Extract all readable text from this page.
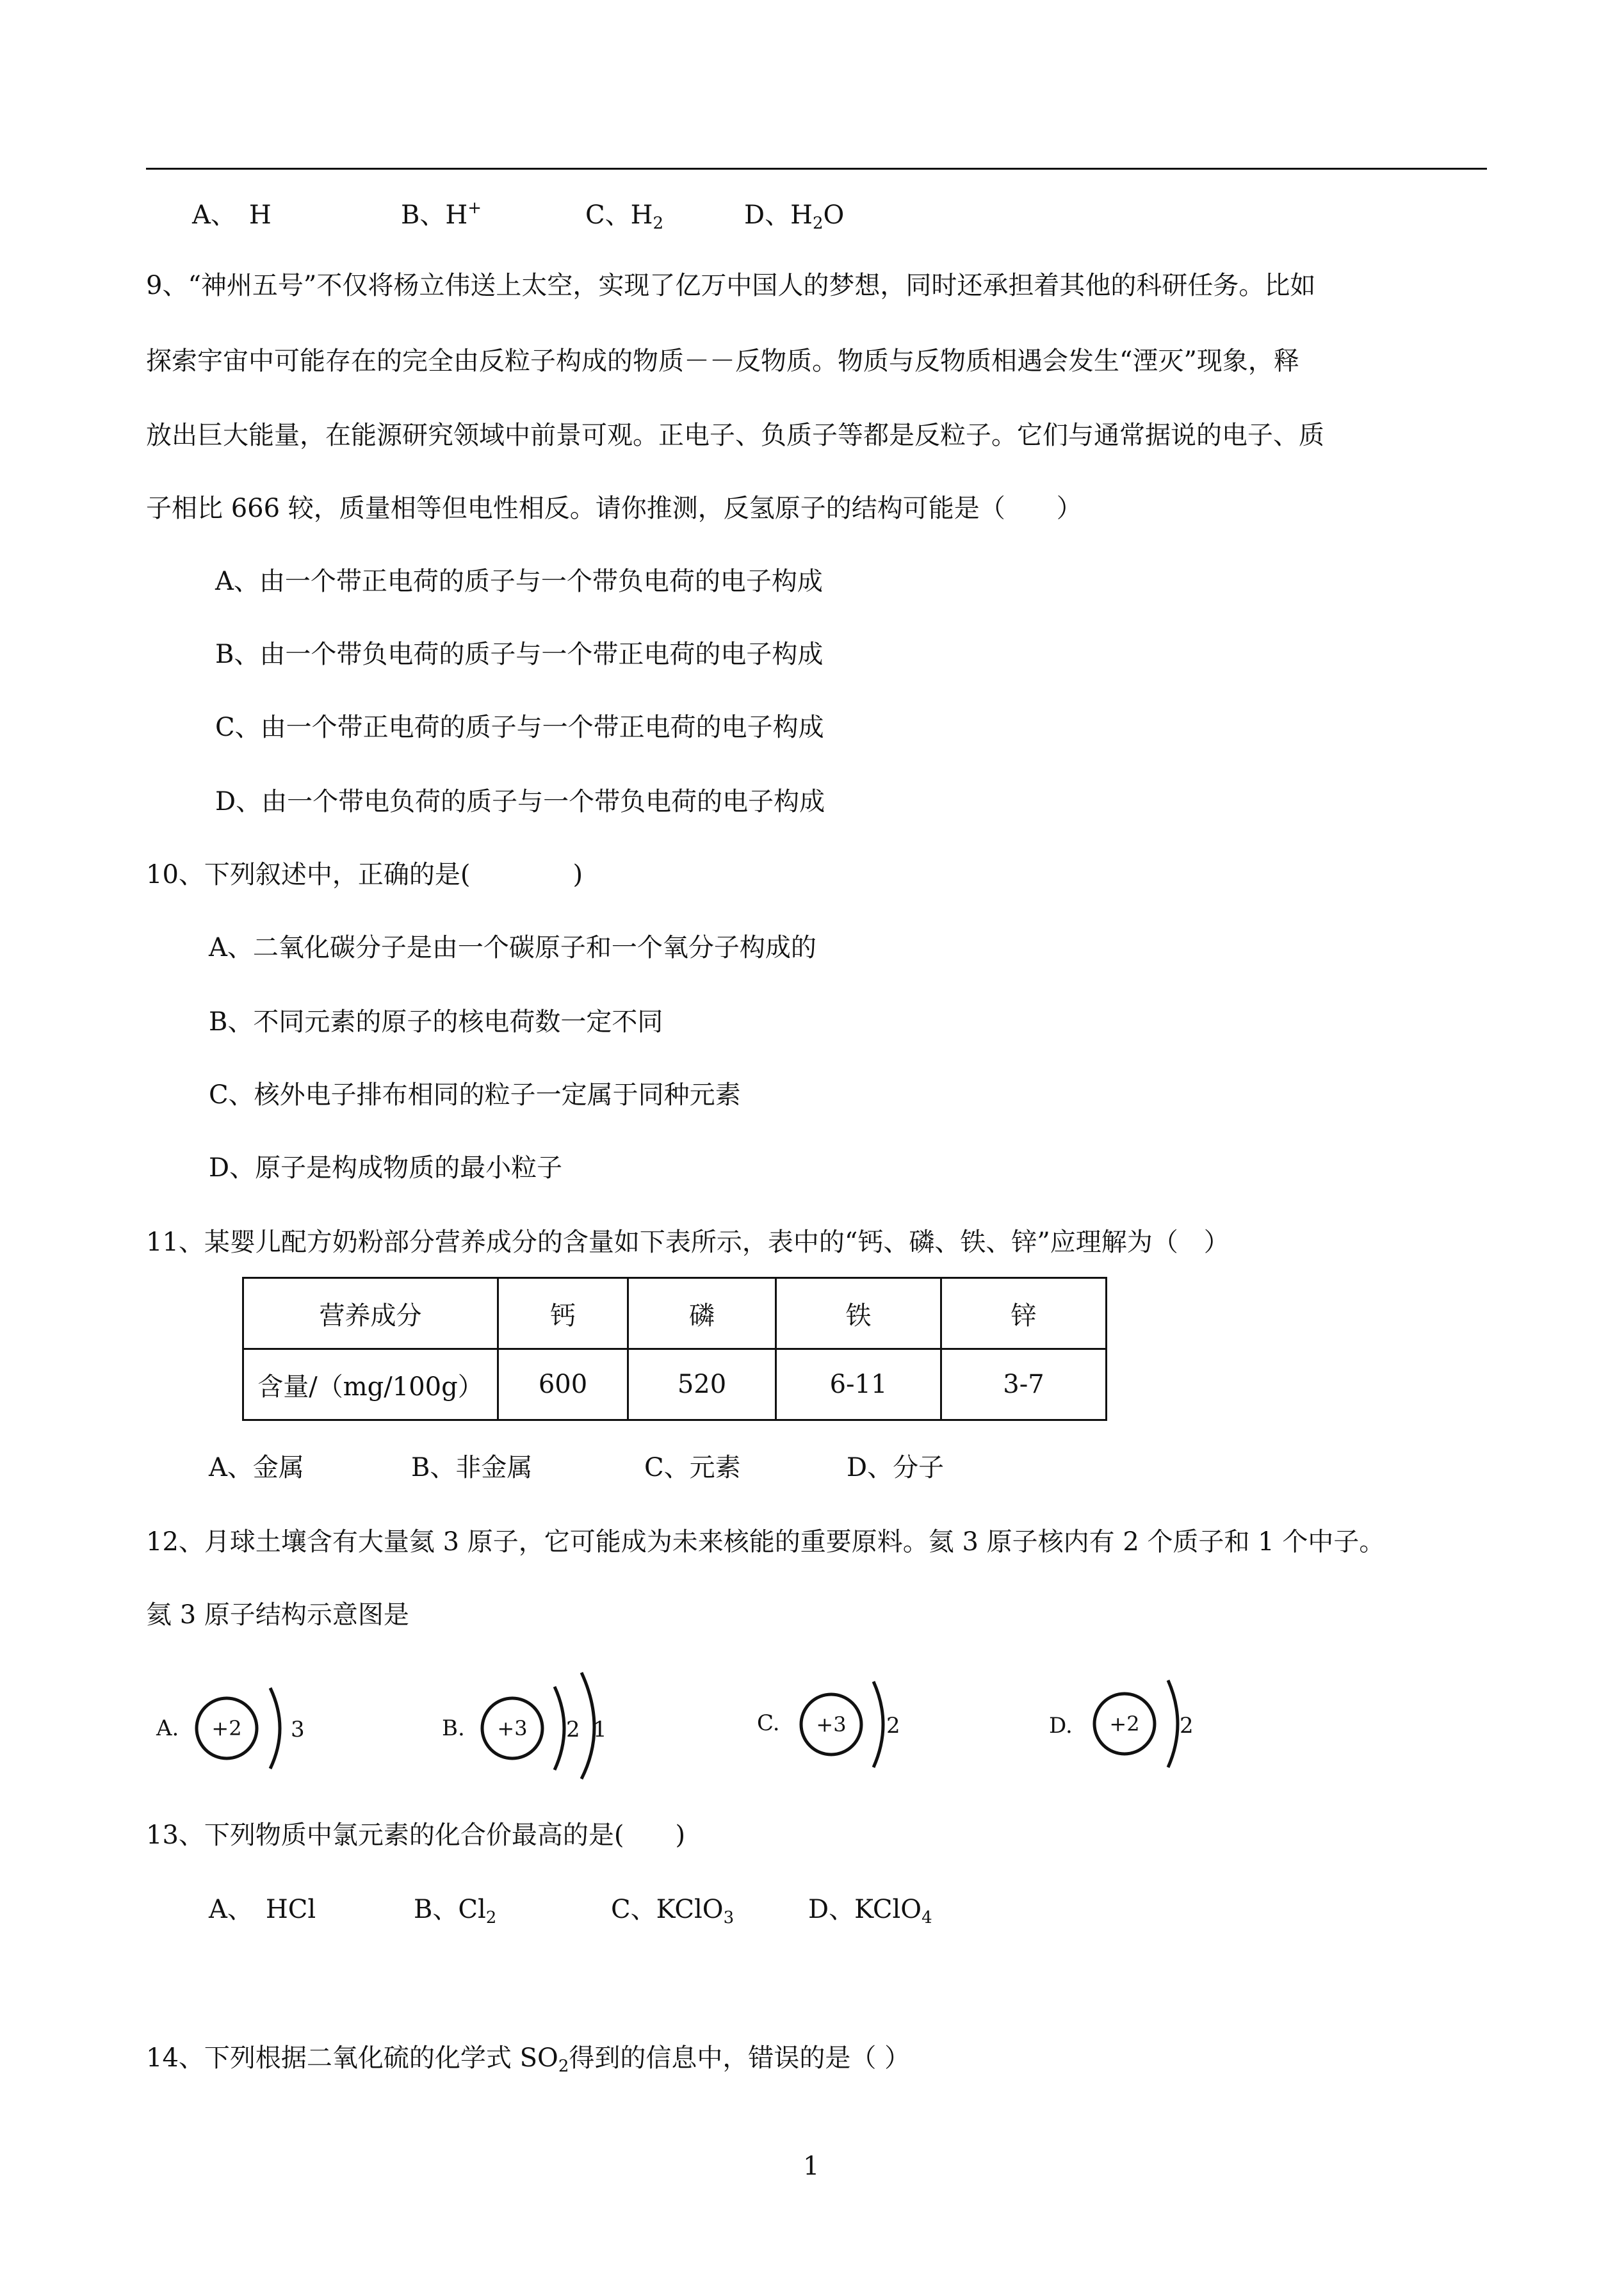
A、　H	B、H+	C、$H_2$	D、$H_2O$
9、“神州五号”不仅将杨立伟送上太空，实现了亿万中国人的梦想，同时还承担着其他的科研任务。比如
探索宇宙中可能存在的完全由反粒子构成的物质－－反物质。物质与反物质相遇会发生“湮灭”现象，释
放出巨大能量，在能源研究领域中前景可观。正电子、负质子等都是反粒子。它们与通常据说的电子、质
子相比 666 较，质量相等但电性相反。请你推测，反氢原子的结构可能是（　　）
A、由一个带正电荷的质子与一个带负电荷的电子构成
B、由一个带负电荷的质子与一个带正电荷的电子构成
C、由一个带正电荷的质子与一个带正电荷的电子构成
D、由一个带电负荷的质子与一个带负电荷的电子构成
10、下列叙述中，正确的是(　　　　)
A、二氧化碳分子是由一个碳原子和一个氧分子构成的
B、不同元素的原子的核电荷数一定不同
C、核外电子排布相同的粒子一定属于同种元素
D、原子是构成物质的最小粒子
11、某婴儿配方奶粉部分营养成分的含量如下表所示，表中的“钙、磷、铁、锌”应理解为（　）
营养成分	钙	磷	铁	锌
含量/（mg/100g）	600	520	6-11	3-7
A、金属	B、非金属	C、元素	D、分子
12、月球土壤含有大量氦 3 原子，它可能成为未来核能的重要原料。氦 3 原子核内有 2 个质子和 1 个中子。
氦 3 原子结构示意图是
A. +2 3	B. +3 2 1	C. +3 2	D. +2 2
13、下列物质中氯元素的化合价最高的是(　　)
A、　HCl	B、$Cl_2$	C、KClO$_3$	D、KClO$_4$
14、下列根据二氧化硫的化学式 $SO_2$得到的信息中，错误的是（ ）
1
